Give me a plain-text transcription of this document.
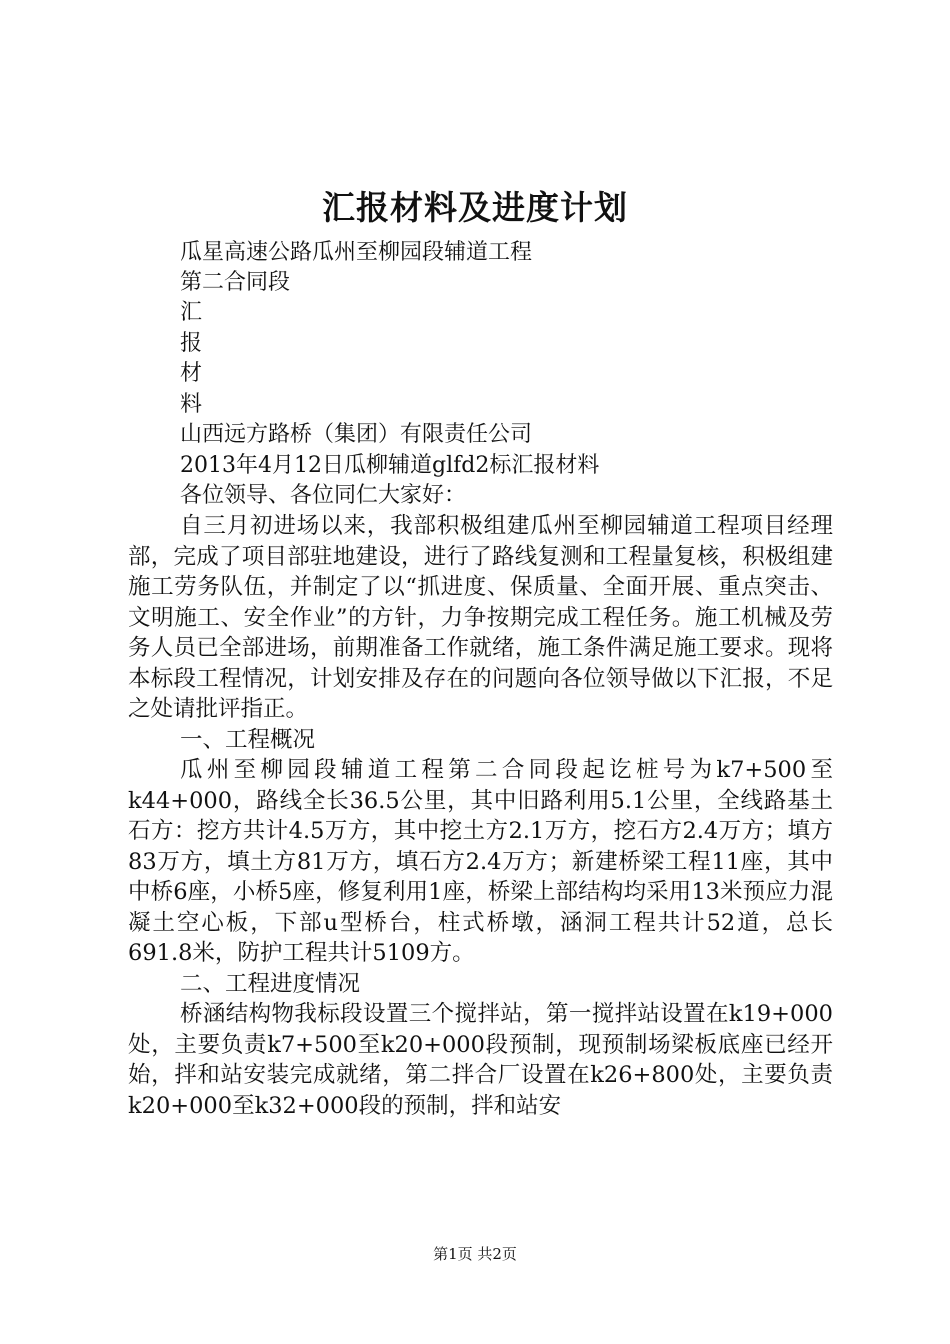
汇报材料及进度计划
瓜星高速公路瓜州至柳园段辅道工程
第二合同段
汇
报
材
料
山西远方路桥（集团）有限责任公司
2013年4月12日瓜柳辅道glfd2标汇报材料
各位领导、各位同仁大家好：

自三月初进场以来，我部积极组建瓜州至柳园辅道工程项目经理部，完成了项目部驻地建设，进行了路线复测和工程量复核，积极组建施工劳务队伍，并制定了以“抓进度、保质量、全面开展、重点突击、文明施工、安全作业”的方针，力争按期完成工程任务。施工机械及劳务人员已全部进场，前期准备工作就绪，施工条件满足施工要求。现将本标段工程情况，计划安排及存在的问题向各位领导做以下汇报，不足之处请批评指正。

一、工程概况

瓜州至柳园段辅道工程第二合同段起讫桩号为k7+500至k44+000，路线全长36.5公里，其中旧路利用5.1公里，全线路基土石方：挖方共计4.5万方，其中挖土方2.1万方，挖石方2.4万方；填方83万方，填土方81万方，填石方2.4万方；新建桥梁工程11座，其中中桥6座，小桥5座，修复利用1座，桥梁上部结构均采用13米预应力混凝土空心板，下部u型桥台，柱式桥墩，涵洞工程共计52道，总长691.8米，防护工程共计5109方。

二、工程进度情况

桥涵结构物我标段设置三个搅拌站，第一搅拌站设置在k19+000处，主要负责k7+500至k20+000段预制，现预制场梁板底座已经开始，拌和站安装完成就绪，第二拌合厂设置在k26+800处，主要负责k20+000至k32+000段的预制，拌和站安

第1页 共2页
